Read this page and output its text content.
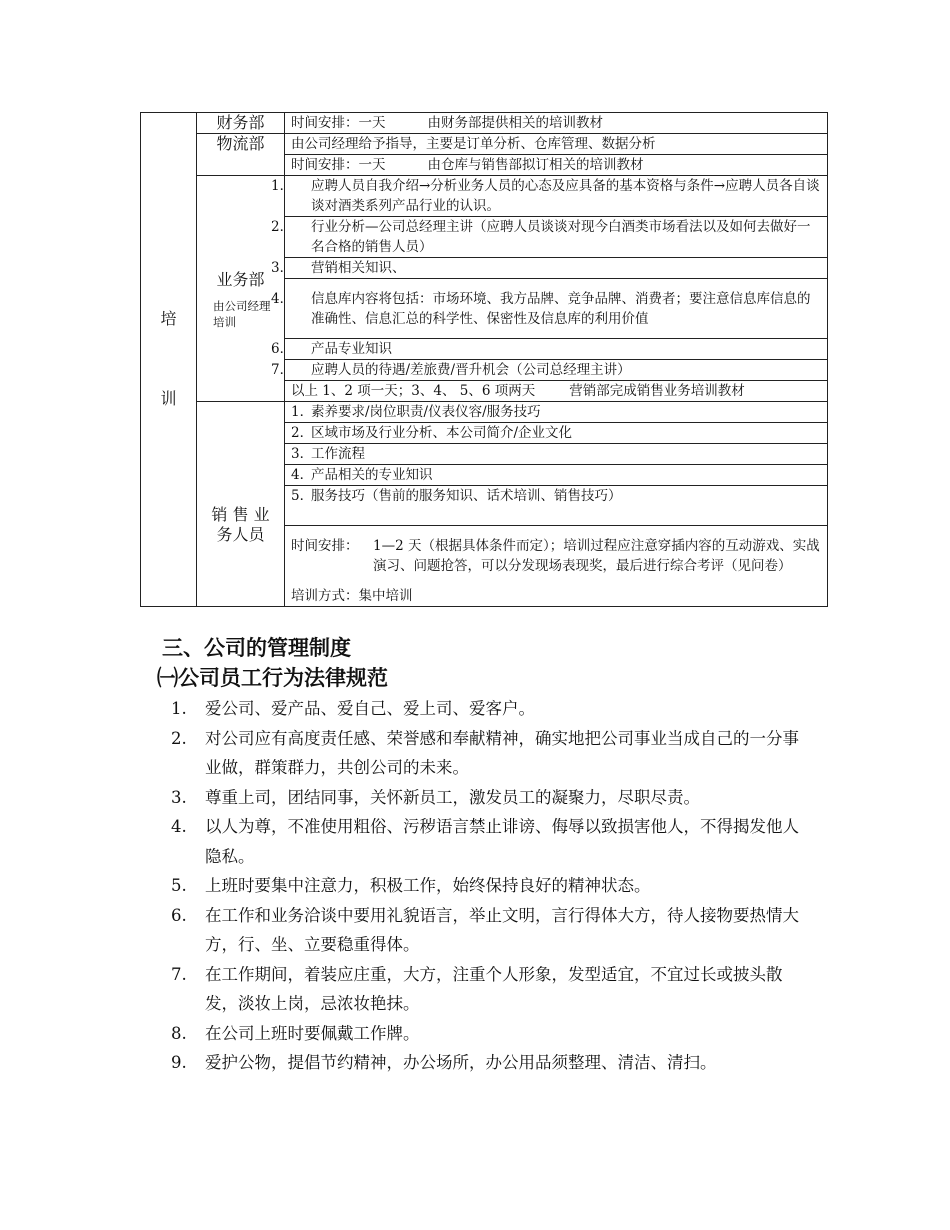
培
训	财务部	时间安排：一天 由财务部提供相关的培训教材
	物流部	由公司经理给予指导，主要是订单分析、仓库管理、数据分析
		时间安排：一天 由仓库与销售部拟订相关的培训教材

	业务部
由公司经理培训	1． 应聘人员自我介绍→分析业务人员的心态及应具备的基本资格与条件→应聘人员各自谈谈对酒类系列产品行业的认识。

		2． 行业分析—公司总经理主讲（应聘人员谈谈对现今白酒类市场看法以及如何去做好一名合格的销售人员）

		3． 营销相关知识、

		4． 信息库内容将包括：市场环境、我方品牌、竞争品牌、消费者；要注意信息库信息的准确性、信息汇总的科学性、保密性及信息库的利用价值

		6． 产品专业知识

		7． 应聘人员的待遇/差旅费/晋升机会（公司总经理主讲）

		以上 1、2 项一天；3、4、 5、6 项两天 营销部完成销售业务培训教材

	销 售 业
务人员	1．素养要求/岗位职责/仪表仪容/服务技巧
		2．区域市场及行业分析、本公司简介/企业文化
		3．工作流程
		4．产品相关的专业知识
		5．服务技巧（售前的服务知识、话术培训、销售技巧）

		时间安排： 1—2 天（根据具体条件而定）；培训过程应注意穿插内容的互动游戏、实战演习、问题抢答，可以分发现场表现奖，最后进行综合考评（见问卷）

		培训方式：集中培训
三、公司的管理制度
㈠公司员工行为法律规范
1. 爱公司、爱产品、爱自己、爱上司、爱客户。
2. 对公司应有高度责任感、荣誉感和奉献精神，确实地把公司事业当成自己的一分事业做，群策群力，共创公司的未来。
3. 尊重上司，团结同事，关怀新员工，激发员工的凝聚力，尽职尽责。
4. 以人为尊，不准使用粗俗、污秽语言禁止诽谤、侮辱以致损害他人，不得揭发他人隐私。
5. 上班时要集中注意力，积极工作，始终保持良好的精神状态。
6. 在工作和业务洽谈中要用礼貌语言，举止文明，言行得体大方，待人接物要热情大方，行、坐、立要稳重得体。
7. 在工作期间，着装应庄重，大方，注重个人形象，发型适宜，不宜过长或披头散发，淡妆上岗，忌浓妆艳抹。
8. 在公司上班时要佩戴工作牌。
9. 爱护公物，提倡节约精神，办公场所，办公用品须整理、清洁、清扫。
